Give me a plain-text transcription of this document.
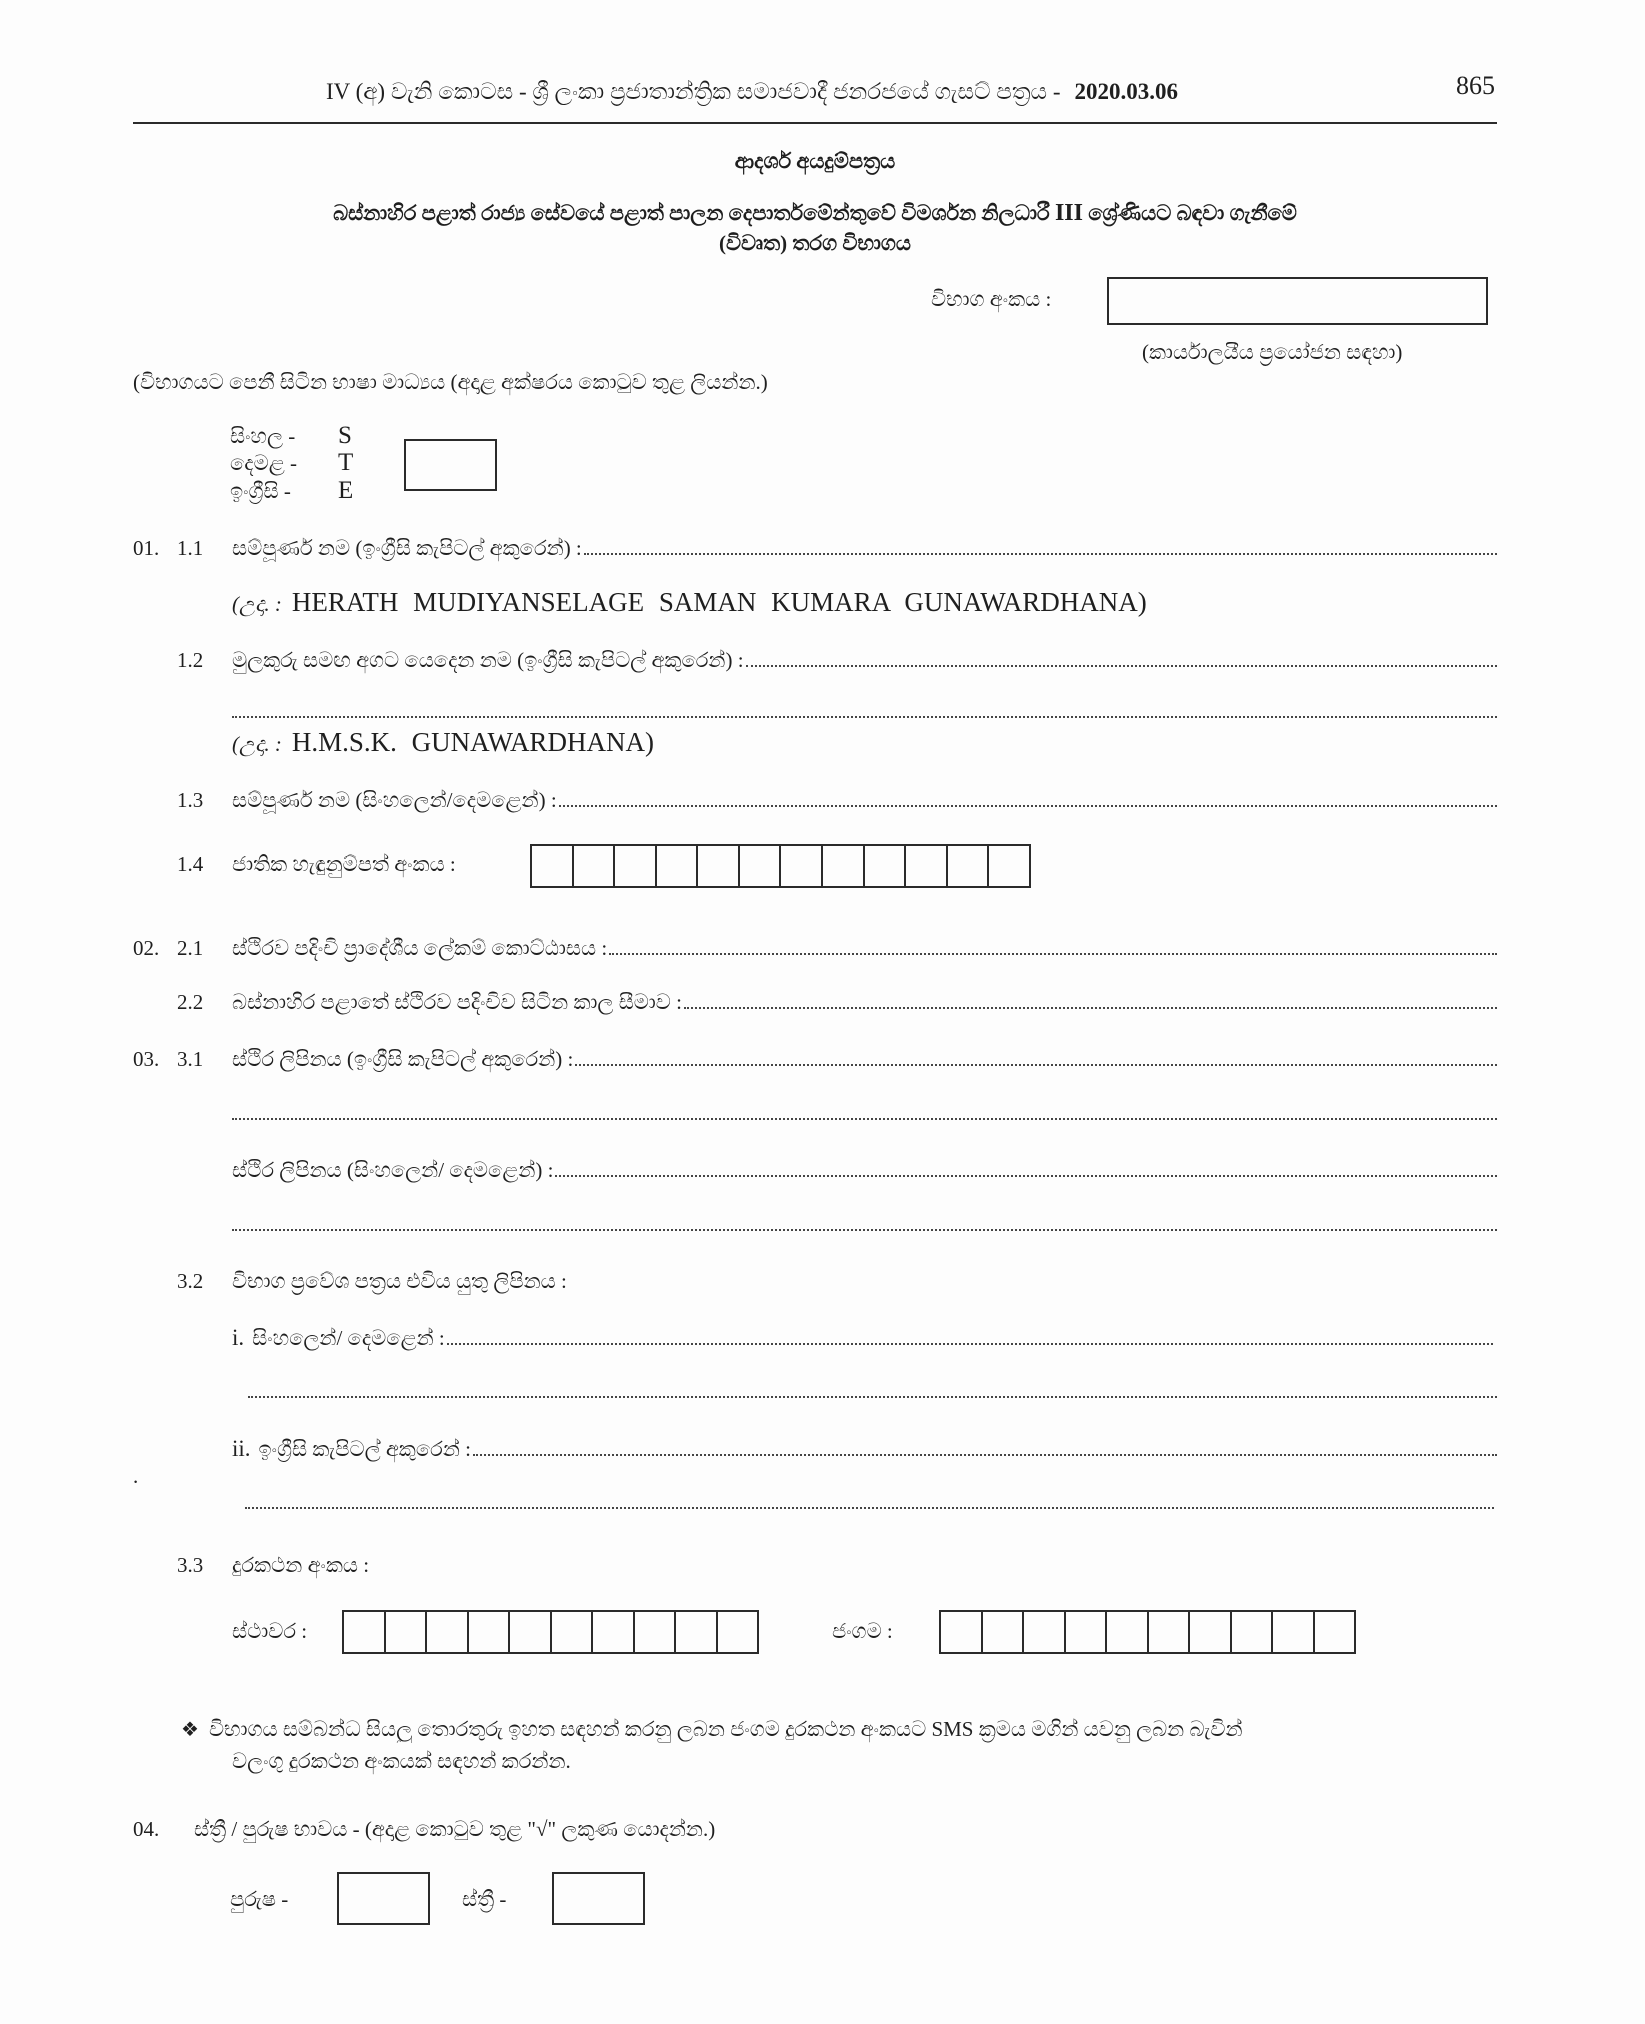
IV (අ) වැනි කොටස - ශ්‍රී ලංකා ප්‍රජාතාන්ත්‍රික සමාජවාදී ජනරජයේ ගැසට් පත්‍රය - 2020.03.06	865
ආදර්ශ අයදුම්පත්‍රය
බස්නාහිර පළාත් රාජ්‍ය සේවයේ පළාත් පාලන දෙපාර්තමේන්තුවේ විමර්ශන නිලධාරී III ශ්‍රේණියට බඳවා ගැනීමේ
(විවෘත) තරග විභාගය
විභාග අංකය :
(කාර්යාලයීය ප්‍රයෝජන සඳහා)
(විභාගයට පෙනී සිටින භාෂා මාධ්‍යය (අදාළ අක්ෂරය කොටුව තුළ ලියන්න.)
සිංහල -	S
දෙමළ -	T
ඉංග්‍රීසි -	E
01. 1.1	සම්පූර්ණ නම (ඉංග්‍රීසි කැපිටල් අකුරෙන්) :
(උදා. : HERATH MUDIYANSELAGE SAMAN KUMARA GUNAWARDHANA)
1.2	මුලකුරු සමඟ අගට යෙදෙන නම (ඉංග්‍රීසි කැපිටල් අකුරෙන්) :
(උදා. : H.M.S.K. GUNAWARDHANA)
1.3	සම්පූර්ණ නම (සිංහලෙන්/දෙමළෙන්) :
1.4	ජාතික හැඳුනුම්පත් අංකය :
02. 2.1	ස්ථිරව පදිංචි ප්‍රාදේශීය ලේකම් කොට්ඨාසය :
2.2	බස්නාහිර පළාතේ ස්ථිරව පදිංචිව සිටින කාල සීමාව :
03. 3.1	ස්ථිර ලිපිනය (ඉංග්‍රීසි කැපිටල් අකුරෙන්) :
ස්ථිර ලිපිනය (සිංහලෙන්/ දෙමළෙන්) :
3.2	විභාග ප්‍රවේශ පත්‍රය එවිය යුතු ලිපිනය :
i. සිංහලෙන්/ දෙමළෙන් :
ii. ඉංග්‍රීසි කැපිටල් අකුරෙන් :
.
3.3	දුරකථන අංකය :
ස්ථාවර :	ජංගම :
❖ විභාගය සම්බන්ධ සියලු තොරතුරු ඉහත සඳහන් කරනු ලබන ජංගම දුරකථන අංකයට SMS ක්‍රමය මගින් යවනු ලබන බැවින්
වලංගු දුරකථන අංකයක් සඳහන් කරන්න.
04.	ස්ත්‍රී / පුරුෂ භාවය - (අදාළ කොටුව තුළ "√" ලකුණ යොදන්න.)
පුරුෂ -	ස්ත්‍රී -
